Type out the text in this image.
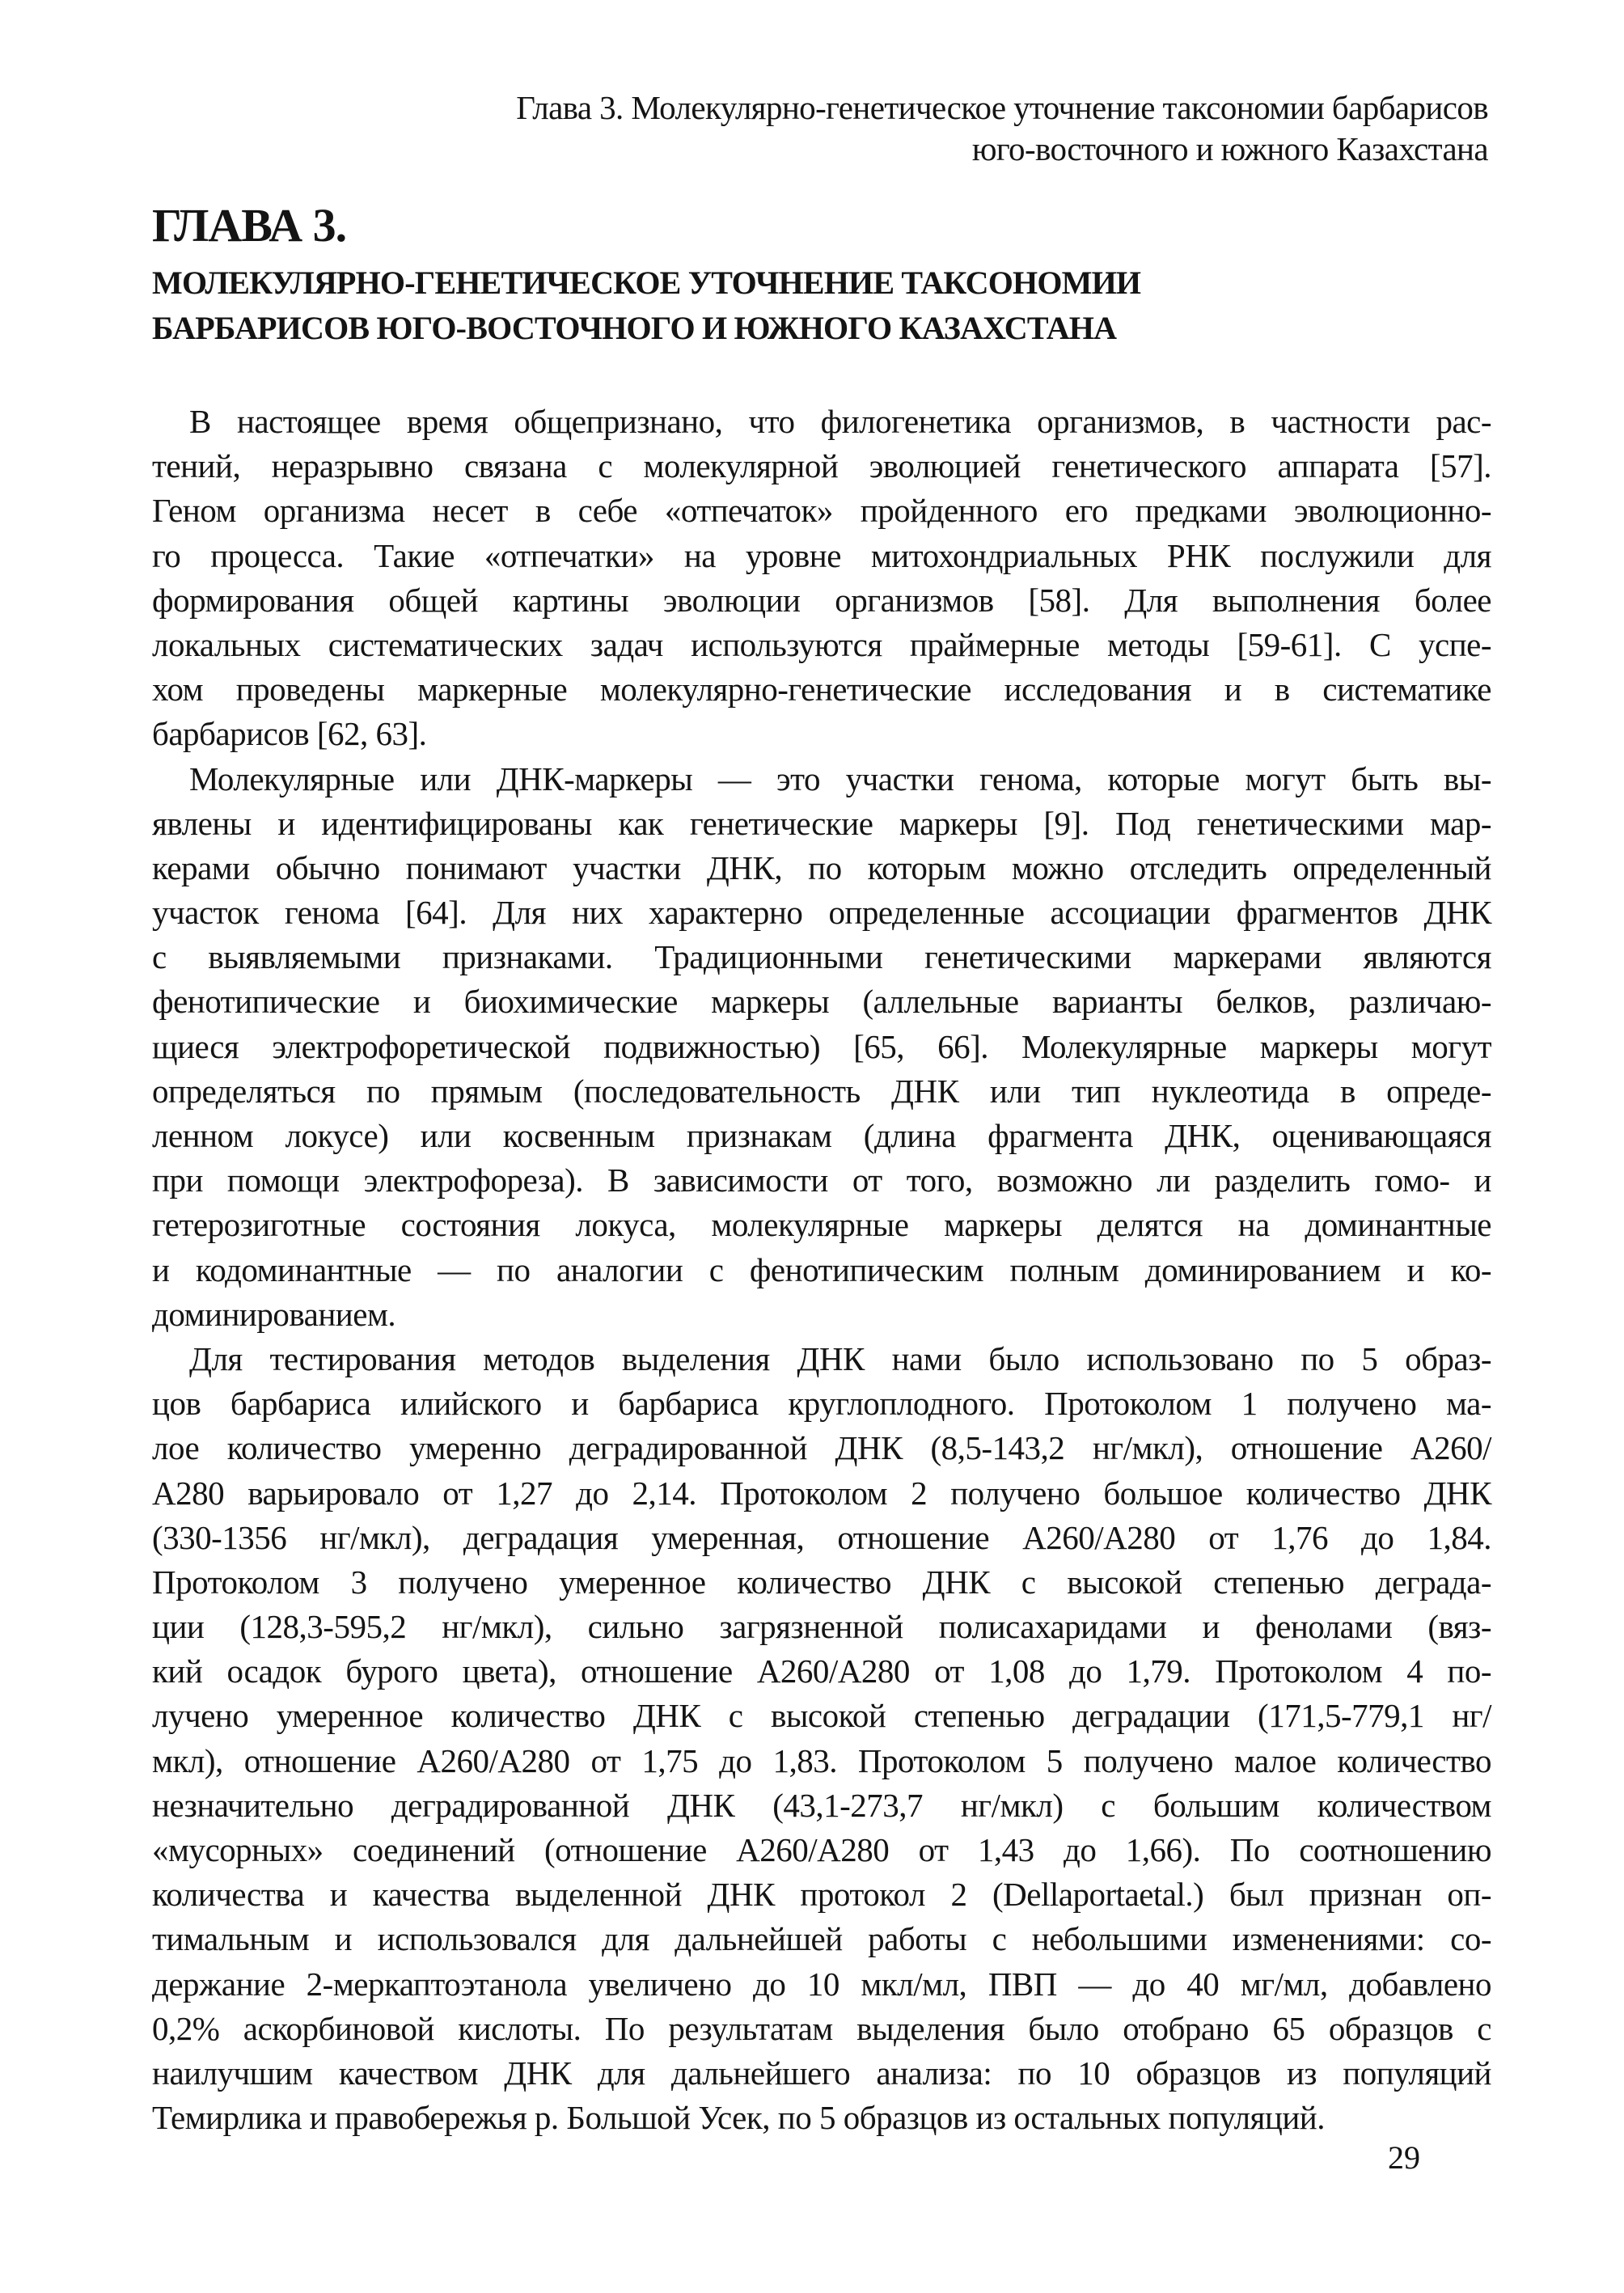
Глава 3. Молекулярно-генетическое уточнение таксономии барбарисов
юго-восточного и южного Казахстана
ГЛАВА 3.
МОЛЕКУЛЯРНО-ГЕНЕТИЧЕСКОЕ УТОЧНЕНИЕ ТАКСОНОМИИ
БАРБАРИСОВ ЮГО-ВОСТОЧНОГО И ЮЖНОГО КАЗАХСТАНА
В настоящее время общепризнано, что филогенетика организмов, в частности рас-
тений, неразрывно связана с молекулярной эволюцией генетического аппарата [57].
Геном организма несет в себе «отпечаток» пройденного его предками эволюционно-
го процесса. Такие «отпечатки» на уровне митохондриальных РНК послужили для
формирования общей картины эволюции организмов [58]. Для выполнения более
локальных систематических задач используются праймерные методы [59-61]. С успе-
хом проведены маркерные молекулярно-генетические исследования и в систематике
барбарисов [62, 63].
Молекулярные или ДНК-маркеры — это участки генома, которые могут быть вы-
явлены и идентифицированы как генетические маркеры [9]. Под генетическими мар-
керами обычно понимают участки ДНК, по которым можно отследить определенный
участок генома [64]. Для них характерно определенные ассоциации фрагментов ДНК
с выявляемыми признаками. Традиционными генетическими маркерами являются
фенотипические и биохимические маркеры (аллельные варианты белков, различаю-
щиеся электрофоретической подвижностью) [65, 66]. Молекулярные маркеры могут
определяться по прямым (последовательность ДНК или тип нуклеотида в опреде-
ленном локусе) или косвенным признакам (длина фрагмента ДНК, оценивающаяся
при помощи электрофореза). В зависимости от того, возможно ли разделить гомо- и
гетерозиготные состояния локуса, молекулярные маркеры делятся на доминантные
и кодоминантные — по аналогии с фенотипическим полным доминированием и ко-
доминированием.
Для тестирования методов выделения ДНК нами было использовано по 5 образ-
цов барбариса илийского и барбариса круглоплодного. Протоколом 1 получено ма-
лое количество умеренно деградированной ДНК (8,5-143,2 нг/мкл), отношение А260/
А280 варьировало от 1,27 до 2,14. Протоколом 2 получено большое количество ДНК
(330-1356 нг/мкл), деградация умеренная, отношение А260/А280 от 1,76 до 1,84.
Протоколом 3 получено умеренное количество ДНК с высокой степенью деграда-
ции (128,3-595,2 нг/мкл), сильно загрязненной полисахаридами и фенолами (вяз-
кий осадок бурого цвета), отношение А260/А280 от 1,08 до 1,79. Протоколом 4 по-
лучено умеренное количество ДНК с высокой степенью деградации (171,5-779,1 нг/
мкл), отношение А260/А280 от 1,75 до 1,83. Протоколом 5 получено малое количество
незначительно деградированной ДНК (43,1-273,7 нг/мкл) с большим количеством
«мусорных» соединений (отношение А260/А280 от 1,43 до 1,66). По соотношению
количества и качества выделенной ДНК протокол 2 (Dellaportaetal.) был признан оп-
тимальным и использовался для дальнейшей работы с небольшими изменениями: со-
держание 2-меркаптоэтанола увеличено до 10 мкл/мл, ПВП — до 40 мг/мл, добавлено
0,2% аскорбиновой кислоты. По результатам выделения было отобрано 65 образцов с
наилучшим качеством ДНК для дальнейшего анализа: по 10 образцов из популяций
Темирлика и правобережья р. Большой Усек, по 5 образцов из остальных популяций.
29
